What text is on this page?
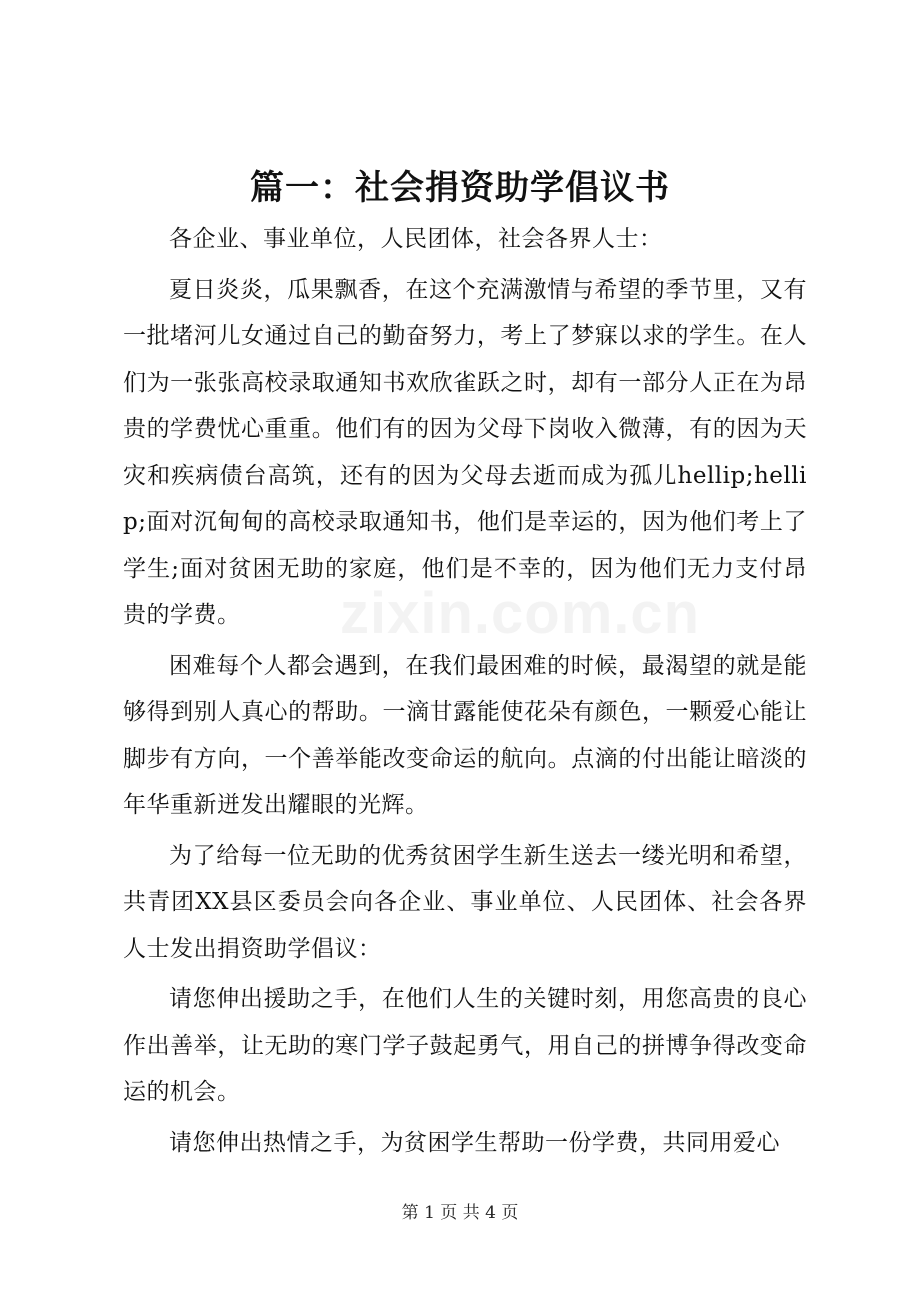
篇一：社会捐资助学倡议书

各企业、事业单位，人民团体，社会各界人士：

夏日炎炎，瓜果飘香，在这个充满激情与希望的季节里，又有一批堵河儿女通过自己的勤奋努力，考上了梦寐以求的学生。在人们为一张张高校录取通知书欢欣雀跃之时，却有一部分人正在为昂贵的学费忧心重重。他们有的因为父母下岗收入微薄，有的因为天灾和疾病债台高筑，还有的因为父母去逝而成为孤儿hellip;hellip;面对沉甸甸的高校录取通知书，他们是幸运的，因为他们考上了学生;面对贫困无助的家庭，他们是不幸的，因为他们无力支付昂贵的学费。

困难每个人都会遇到，在我们最困难的时候，最渴望的就是能够得到别人真心的帮助。一滴甘露能使花朵有颜色，一颗爱心能让脚步有方向，一个善举能改变命运的航向。点滴的付出能让暗淡的年华重新迸发出耀眼的光辉。

为了给每一位无助的优秀贫困学生新生送去一缕光明和希望，共青团XX县区委员会向各企业、事业单位、人民团体、社会各界人士发出捐资助学倡议：

请您伸出援助之手，在他们人生的关键时刻，用您高贵的良心作出善举，让无助的寒门学子鼓起勇气，用自己的拼博争得改变命运的机会。

请您伸出热情之手，为贫困学生帮助一份学费，共同用爱心

zixin.com.cn
第 1 页 共 4 页
